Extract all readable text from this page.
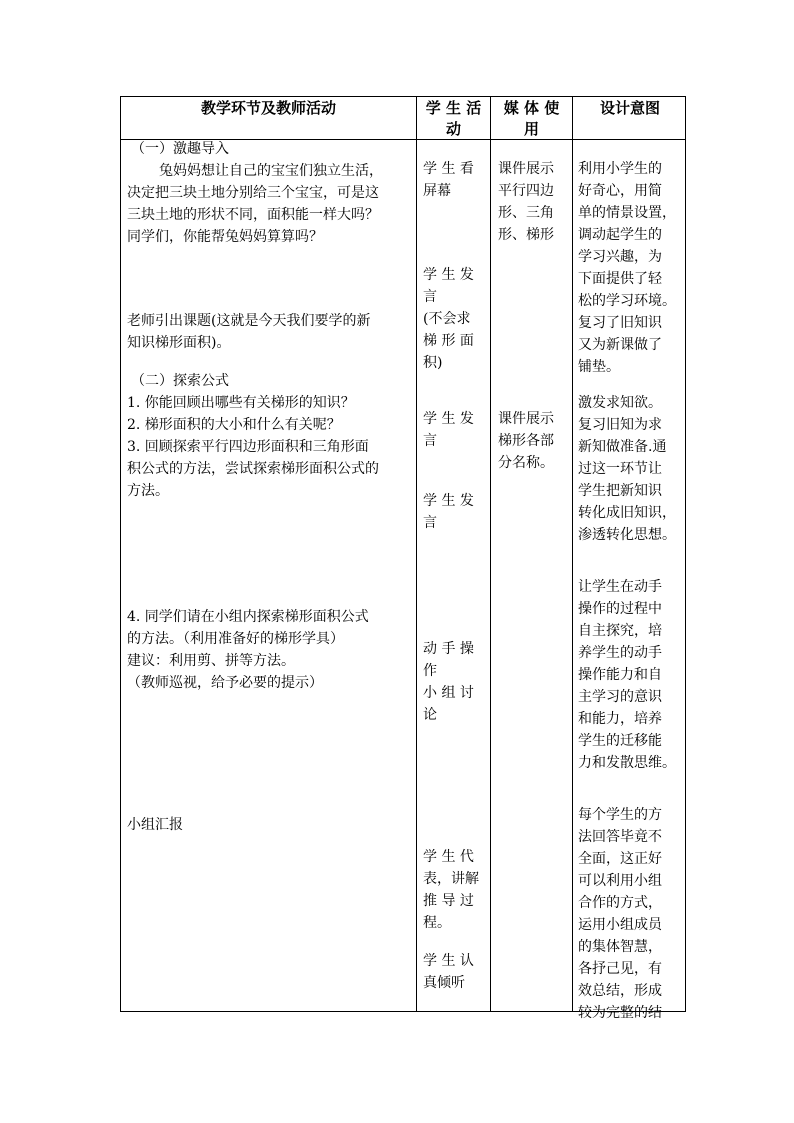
教学环节及教师活动	学 生 活 动
媒 体 使 用
设计意图

（一）激趣导入

兔妈妈想让自己的宝宝们独立生活，

决定把三块土地分别给三个宝宝，可是这

三块土地的形状不同，面积能一样大吗？

同学们，你能帮兔妈妈算算吗？

老师引出课题(这就是今天我们要学的新

知识梯形面积)。

（二）探索公式

1. 你能回顾出哪些有关梯形的知识？

2. 梯形面积的大小和什么有关呢？

3. 回顾探索平行四边形面积和三角形面

积公式的方法，尝试探索梯形面积公式的

方法。

4. 同学们请在小组内探索梯形面积公式

的方法。（利用准备好的梯形学具）

建议：利用剪、拼等方法。

（教师巡视，给予必要的提示）

小组汇报

学 生 看

屏幕

学 生 发

言

(不会求

梯 形 面

积)

学 生 发

言

学 生 发

言

动 手 操

作

小 组 讨

论

学 生 代

表，讲解

推 导 过

程。

学 生 认

真倾听

课件展示

平行四边

形、三角

形、梯形

课件展示

梯形各部

分名称。

利用小学生的

好奇心，用简

单的情景设置，

调动起学生的

学习兴趣，为

下面提供了轻

松的学习环境。

复习了旧知识

又为新课做了

铺垫。

激发求知欲。

复习旧知为求

新知做准备.通

过这一环节让

学生把新知识

转化成旧知识，

渗透转化思想。

让学生在动手

操作的过程中

自主探究，培

养学生的动手

操作能力和自

主学习的意识

和能力，培养

学生的迁移能

力和发散思维。

每个学生的方

法回答毕竟不

全面，这正好

可以利用小组

合作的方式，

运用小组成员

的集体智慧，

各抒己见，有

效总结，形成

较为完整的结
